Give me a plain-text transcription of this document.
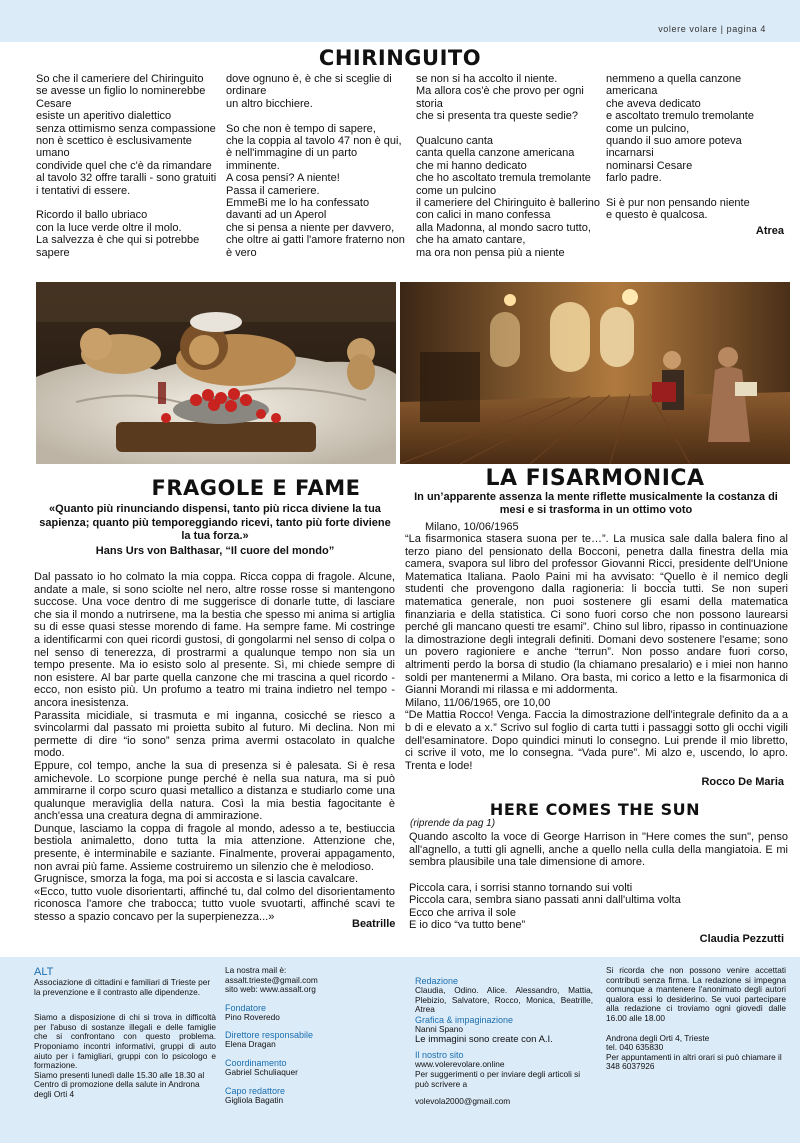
volere volare | pagina 4
CHIRINGUITO
So che il cameriere del Chiringuito
se avesse un figlio lo nominerebbe
Cesare
esiste un aperitivo dialettico
senza ottimismo senza compassione
non è scettico è esclusivamente
umano
condivide quel che c'è da rimandare
al tavolo 32 offre taralli - sono gratuiti
i tentativi di essere.

Ricordo il ballo ubriaco
con la luce verde oltre il molo.
La salvezza è che qui si potrebbe
sapere
dove ognuno è, è che si sceglie di
ordinare
un altro bicchiere.

So che non è tempo di sapere,
che la coppia al tavolo 47 non è qui,
è nell'immagine di un parto
imminente.
A cosa pensi? A niente!
Passa il cameriere.
EmmeBi me lo ha confessato
davanti ad un Aperol
che si pensa a niente per davvero,
che oltre ai gatti l'amore fraterno non
è vero
se non si ha accolto il niente.
Ma allora cos'è che provo per ogni
storia
che si presenta tra queste sedie?

Qualcuno canta
canta quella canzone americana
che mi hanno dedicato
che ho ascoltato tremula tremolante
come un pulcino
il cameriere del Chiringuito è ballerino
con calici in mano confessa
alla Madonna, al mondo sacro tutto,
che ha amato cantare,
ma ora non pensa più a niente
nemmeno a quella canzone
americana
che aveva dedicato
e ascoltato tremulo tremolante
come un pulcino,
quando il suo amore poteva incarnarsi
nominarsi Cesare
farlo padre.

Si è pur non pensando niente
e questo è qualcosa.
Atrea
FRAGOLE E FAME
«Quanto più rinunciando dispensi, tanto più ricca diviene la tua sapienza; quanto più temporeggiando ricevi, tanto più forte diviene la tua forza.»
Hans Urs von Balthasar, “Il cuore del mondo”

Dal passato io ho colmato la mia coppa. Ricca coppa di fragole. Alcune, andate a male, si sono sciolte nel nero, altre rosse rosse si mantengono succose. Una voce dentro di me suggerisce di donarle tutte, di lasciare che sia il mondo a nutrirsene, ma la bestia che spesso mi anima si artiglia su di esse quasi stesse morendo di fame. Ha sempre fame. Mi costringe a identificarmi con quei ricordi gustosi, di gongolarmi nel senso di colpa o nel senso di tenerezza, di prostrarmi a qualunque tempo non sia un tempo presente. Ma io esisto solo al presente. Sì, mi chiede sempre di non esistere. Al bar parte quella canzone che mi trascina a quel ricordo - ecco, non esisto più. Un profumo a teatro mi traina indietro nel tempo - ancora inesistenza.

Parassita micidiale, si trasmuta e mi inganna, cosicché se riesco a svincolarmi dal passato mi proietta subito al futuro. Mi declina. Non mi permette di dire “io sono” senza prima avermi ostacolato in qualche modo.

Eppure, col tempo, anche la sua di presenza si è palesata. Si è resa amichevole. Lo scorpione punge perché è nella sua natura, ma si può ammirarne il corpo scuro quasi metallico a distanza e studiarlo come una qualunque meraviglia della natura. Così la mia bestia fagocitante è anch'essa una creatura degna di ammirazione.

Dunque, lasciamo la coppa di fragole al mondo, adesso a te, bestiuccia bestiola animaletto, dono tutta la mia attenzione. Attenzione che, presente, è interminabile e saziante. Finalmente, proverai appagamento, non avrai più fame. Assieme costruiremo un silenzio che è melodioso.

Grugnisce, smorza la foga, ma poi si accosta e si lascia cavalcare.

«Ecco, tutto vuole disorientarti, affinché tu, dal colmo del disorientamento riconosca l'amore che trabocca; tutto vuole svuotarti, affinché scavi te stesso a spazio concavo per la superpienezza...»

Beatrille
LA FISARMONICA
In un’apparente assenza la mente riflette musicalmente la costanza di mesi e si trasforma in un ottimo voto
Milano, 10/06/1965

“La fisarmonica stasera suona per te…”. La musica sale dalla balera fino al terzo piano del pensionato della Bocconi, penetra dalla finestra della mia camera, svapora sul libro del professor Giovanni Ricci, presidente dell'Unione Matematica Italiana. Paolo Paini mi ha avvisato: “Quello è il nemico degli studenti che provengono dalla ragioneria: li boccia tutti. Se non superi matematica generale, non puoi sostenere gli esami della matematica finanziaria e della statistica. Ci sono fuori corso che non possono laurearsi perché gli mancano questi tre esami”. Chino sul libro, ripasso in continuazione la dimostrazione degli integrali definiti. Domani devo sostenere l'esame; sono un povero ragioniere e anche “terrun”. Non posso andare fuori corso, altrimenti perdo la borsa di studio (la chiamano presalario) e i miei non hanno soldi per mantenermi a Milano. Ora basta, mi corico a letto e la fisarmonica di Gianni Morandi mi rilassa e mi addormenta.

Milano, 11/06/1965, ore 10,00

“De Mattia Rocco! Venga. Faccia la dimostrazione dell'integrale definito da a a b di e elevato a x.” Scrivo sul foglio di carta tutti i passaggi sotto gli occhi vigili dell'esaminatore. Dopo quindici minuti lo consegno. Lui prende il mio libretto, ci scrive il voto, me lo consegna. “Vada pure”. Mi alzo e, uscendo, lo apro. Trenta e lode!

Rocco De Maria
HERE COMES THE SUN
(riprende da pag 1)
Quando ascolto la voce di George Harrison in "Here comes the sun", penso all'agnello, a tutti gli agnelli, anche a quello nella culla della mangiatoia. E mi sembra plausibile una tale dimensione di amore.
Piccola cara, i sorrisi stanno tornando sui volti
Piccola cara, sembra siano passati anni dall'ultima volta
Ecco che arriva il sole
E io dico “va tutto bene”
Claudia Pezzutti
ALT
Associazione di cittadini e familiari di Trieste per la prevenzione e il contrasto alle dipendenze.
Siamo a disposizione di chi si trova in difficoltà per l'abuso di sostanze illegali e delle famiglie che si confrontano con questo problema. Proponiamo incontri informativi, gruppi di auto aiuto per i famigliari, gruppi con lo psicologo e formazione.
Siamo presenti lunedì dalle 15.30 alle 18.30 al Centro di promozione della salute in Androna degli Orti 4
La nostra mail è:
assalt.trieste@gmail.com
sito web: www.assalt.org
Fondatore
Pino Roveredo
Direttore responsabile
Elena Dragan
Coordinamento
Gabriel Schuliaquer
Capo redattore
Gigliola Bagatin
Redazione
Claudia, Odino. Alice. Alessandro, Mattia, Plebizio, Salvatore, Rocco, Monica, Beatrille, Atrea
Grafica & impaginazione
Nanni Spano
Le immagini sono create con A.I.
Il nostro sito
www.volerevolare.online
Per suggerimenti o per inviare degli articoli si può scrivere a
volevola2000@gmail.com
Si ricorda che non possono venire accettati contributi senza firma. La redazione si impegna comunque a mantenere l'anonimato degli autori qualora essi lo desiderino. Se vuoi partecipare alla redazione ci troviamo ogni giovedì dalle 16.00 alle 18.00
Androna degli Orti 4, Trieste
tel. 040 635830
Per appuntamenti in altri orari si può chiamare il 348 6037926
